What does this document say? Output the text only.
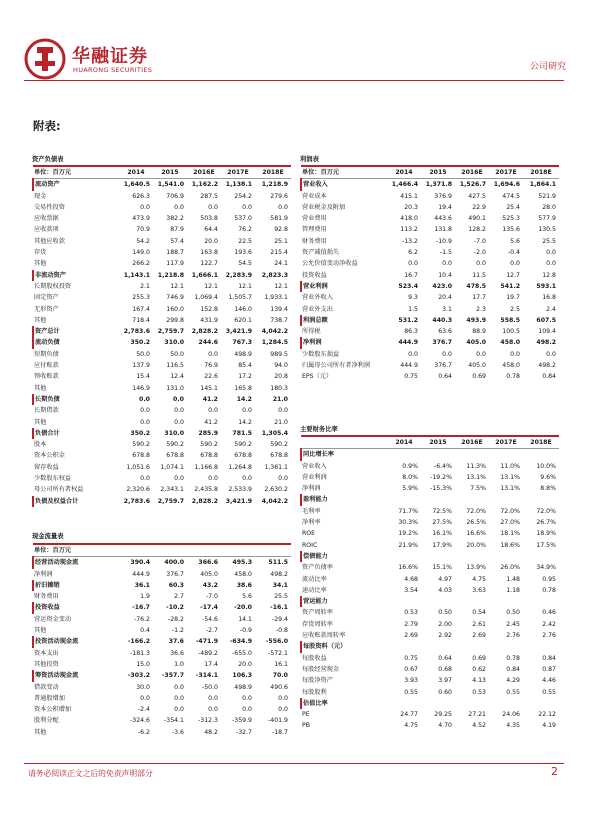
华融证券
HUARONG SECURITIES	公司研究
附表:
资产负债表
单位：百万元	2014	2015	2016E	2017E	2018E
流动资产	1,640.5	1,541.0	1,162.2	1,138.1	1,218.9
现金	626.3	706.9	287.5	254.2	279.6
交易性投资	0.0	0.0	0.0	0.0	0.0
应收票据	473.9	382.2	503.8	537.0	581.9
应收款项	70.9	87.9	64.4	76.2	92.8
其他应收款	54.2	57.4	20.0	22.5	25.1
存货	149.0	188.7	163.8	193.6	215.4
其他	266.2	117.9	122.7	54.5	24.1
非流动资产	1,143.1	1,218.8	1,666.1	2,283.9	2,823.3
长期股权投资	2.1	12.1	12.1	12.1	12.1
固定资产	255.3	746.9	1,069.4	1,505.7	1,933.1
无形资产	167.4	160.0	152.8	146.0	139.4
其他	718.4	299.8	431.9	620.1	738.7
资产总计	2,783.6	2,759.7	2,828.2	3,421.9	4,042.2
流动负债	350.2	310.0	244.6	767.3	1,284.5
短期负债	50.0	50.0	0.0	498.9	989.5
应付账款	137.9	116.5	76.9	85.4	94.0
预收账款	15.4	12.4	22.6	17.2	20.8
其他	146.9	131.0	145.1	165.8	180.3
长期负债	0.0	0.0	41.2	14.2	21.0
长期借款	0.0	0.0	0.0	0.0	0.0
其他	0.0	0.0	41.2	14.2	21.0
负债合计	350.2	310.0	285.9	781.5	1,305.4
股本	590.2	590.2	590.2	590.2	590.2
资本公积金	678.8	678.8	678.8	678.8	678.8
留存收益	1,051.6	1,074.1	1,166.8	1,264.8	1,361.1
少数股东权益	0.0	0.0	0.0	0.0	0.0
母公司所有者权益	2,320.6	2,343.1	2,435.8	2,533.9	2,630.2
负债及权益合计	2,783.6	2,759.7	2,828.2	3,421.9	4,042.2
现金流量表
单位：百万元					
经营活动现金流	390.4	400.0	366.6	495.3	511.5
净利润	444.9	376.7	405.0	458.0	498.2
折旧摊销	36.1	60.3	43.2	38.6	34.1
财务费用	1.9	2.7	-7.0	5.6	25.5
投资收益	-16.7	-10.2	-17.4	-20.0	-16.1
营运资金变动	-76.2	-28.2	-54.6	14.1	-29.4
其他	0.4	-1.2	-2.7	-0.9	-0.8
投资活动现金流	-166.2	37.6	-471.9	-634.9	-556.0
资本支出	-181.3	36.6	-489.2	-655.0	-572.1
其他投资	15.0	1.0	17.4	20.0	16.1
筹资活动现金流	-303.2	-357.7	-314.1	106.3	70.0
借款变动	30.0	0.0	-50.0	498.9	490.6
普通股增加	0.0	0.0	0.0	0.0	0.0
资本公积增加	-2.4	0.0	0.0	0.0	0.0
股利分配	-324.6	-354.1	-312.3	-359.9	-401.9
其他	-6.2	-3.6	48.2	-32.7	-18.7
利润表
单位：百万元	2014	2015	2016E	2017E	2018E
营业收入	1,466.4	1,371.8	1,526.7	1,694.6	1,864.1
营业成本	415.1	376.9	427.5	474.5	521.9
营业税金及附加	20.3	19.4	22.9	25.4	28.0
营业费用	418.0	443.6	490.1	525.3	577.9
管理费用	113.2	131.8	128.2	135.6	130.5
财务费用	-13.2	-10.9	-7.0	5.6	25.5
资产减值损失	6.2	-1.5	-2.0	-0.4	0.0
公允价值变动净收益	0.0	0.0	0.0	0.0	0.0
投资收益	16.7	10.4	11.5	12.7	12.8
营业利润	523.4	423.0	478.5	541.2	593.1
营业外收入	9.3	20.4	17.7	19.7	16.8
营业外支出	1.5	3.1	2.3	2.5	2.4
利润总额	531.2	440.3	493.9	558.5	607.5
所得税	86.3	63.6	88.9	100.5	109.4
净利润	444.9	376.7	405.0	458.0	498.2
少数股东损益	0.0	0.0	0.0	0.0	0.0
归属母公司所有者净利润	444.9	376.7	405.0	458.0	498.2
EPS（元）	0.75	0.64	0.69	0.78	0.84
主要财务比率
	2014	2015	2016E	2017E	2018E
同比增长率					
营业收入	0.9%	-6.4%	11.3%	11.0%	10.0%
营业利润	8.0%	-19.2%	13.1%	13.1%	9.6%
净利润	5.9%	-15.3%	7.5%	13.1%	8.8%
盈利能力					
毛利率	71.7%	72.5%	72.0%	72.0%	72.0%
净利率	30.3%	27.5%	26.5%	27.0%	26.7%
ROE	19.2%	16.1%	16.6%	18.1%	18.9%
ROIC	21.9%	17.9%	20.0%	18.6%	17.5%
偿债能力					
资产负债率	16.6%	15.1%	13.9%	26.0%	34.9%
流动比率	4.68	4.97	4.75	1.48	0.95
速动比率	3.54	4.03	3.63	1.18	0.78
营运能力					
资产周转率	0.53	0.50	0.54	0.50	0.46
存货周转率	2.79	2.00	2.61	2.45	2.42
应收账款周转率	2.69	2.92	2.69	2.76	2.76
每股资料（元）					
每股收益	0.75	0.64	0.69	0.78	0.84
每股经营现金	0.67	0.68	0.62	0.84	0.87
每股净资产	3.93	3.97	4.13	4.29	4.46
每股股利	0.55	0.60	0.53	0.55	0.55
估值比率					
PE	24.77	29.25	27.21	24.06	22.12
PB	4.75	4.70	4.52	4.35	4.19
请务必阅读正文之后的免责声明部分	2
